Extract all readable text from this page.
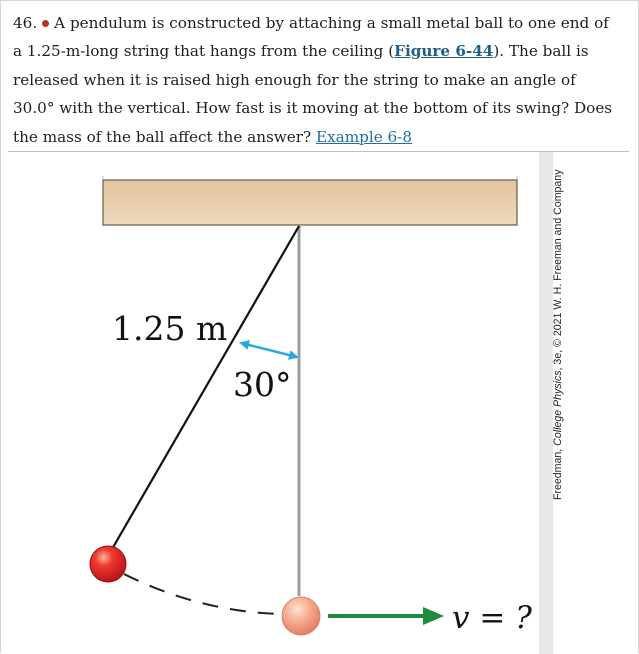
46. A pendulum is constructed by attaching a small metal ball to one end of a 1.25-m-long string that hangs from the ceiling (Figure 6-44). The ball is released when it is raised high enough for the string to make an angle of 30.0° with the vertical. How fast is it moving at the bottom of its swing? Does the mass of the ball affect the answer? Example 6-8
1.25 m
30°
v = ?
Freedman, College Physics, 3e, © 2021 W. H. Freeman and Company
